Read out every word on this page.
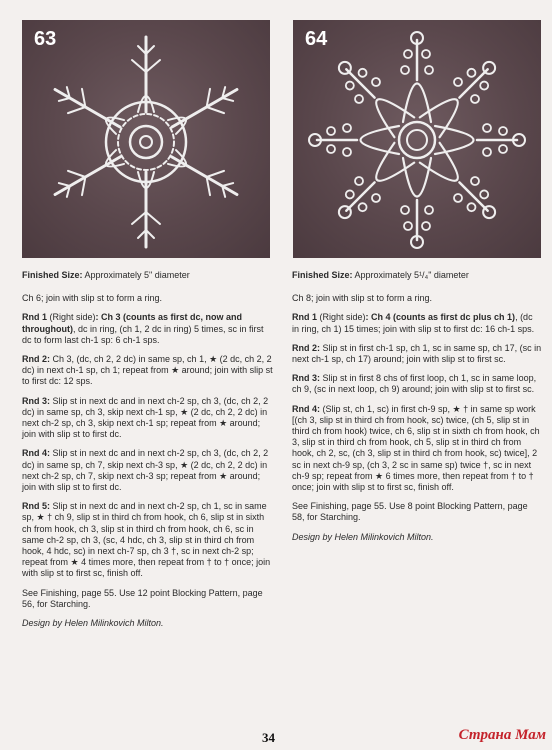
63	64
Finished Size: Approximately 5" diameter

Ch 6; join with slip st to form a ring.

Rnd 1 (Right side): Ch 3 (counts as first dc, now and throughout), dc in ring, (ch 1, 2 dc in ring) 5 times, sc in first dc to form last ch-1 sp: 6 ch-1 sps.

Rnd 2: Ch 3, (dc, ch 2, 2 dc) in same sp, ch 1, ★ (2 dc, ch 2, 2 dc) in next ch-1 sp, ch 1; repeat from ★ around; join with slip st to first dc: 12 sps.

Rnd 3: Slip st in next dc and in next ch-2 sp, ch 3, (dc, ch 2, 2 dc) in same sp, ch 3, skip next ch-1 sp, ★ (2 dc, ch 2, 2 dc) in next ch-2 sp, ch 3, skip next ch-1 sp; repeat from ★ around; join with slip st to first dc.

Rnd 4: Slip st in next dc and in next ch-2 sp, ch 3, (dc, ch 2, 2 dc) in same sp, ch 7, skip next ch-3 sp, ★ (2 dc, ch 2, 2 dc) in next ch-2 sp, ch 7, skip next ch-3 sp; repeat from ★ around; join with slip st to first dc.

Rnd 5: Slip st in next dc and in next ch-2 sp, ch 1, sc in same sp, ★ † ch 9, slip st in third ch from hook, ch 6, slip st in sixth ch from hook, ch 3, slip st in third ch from hook, ch 6, sc in same ch-2 sp, ch 3, (sc, 4 hdc, ch 3, slip st in third ch from hook, 4 hdc, sc) in next ch-7 sp, ch 3 †, sc in next ch-2 sp; repeat from ★ 4 times more, then repeat from † to † once; join with slip st to first sc, finish off.

See Finishing, page 55. Use 12 point Blocking Pattern, page 56, for Starching.

Design by Helen Milinkovich Milton.

Finished Size: Approximately 5¹/₄" diameter

Ch 8; join with slip st to form a ring.

Rnd 1 (Right side): Ch 4 (counts as first dc plus ch 1), (dc in ring, ch 1) 15 times; join with slip st to first dc: 16 ch-1 sps.

Rnd 2: Slip st in first ch-1 sp, ch 1, sc in same sp, ch 17, (sc in next ch-1 sp, ch 17) around; join with slip st to first sc.

Rnd 3: Slip st in first 8 chs of first loop, ch 1, sc in same loop, ch 9, (sc in next loop, ch 9) around; join with slip st to first sc.

Rnd 4: (Slip st, ch 1, sc) in first ch-9 sp, ★ † in same sp work [(ch 3, slip st in third ch from hook, sc) twice, (ch 5, slip st in third ch from hook) twice, ch 6, slip st in sixth ch from hook, ch 3, slip st in third ch from hook, ch 5, slip st in third ch from hook, ch 2, sc, (ch 3, slip st in third ch from hook, sc) twice], 2 sc in next ch-9 sp, (ch 3, 2 sc in same sp) twice †, sc in next ch-9 sp; repeat from ★ 6 times more, then repeat from † to † once; join with slip st to first sc, finish off.

See Finishing, page 55. Use 8 point Blocking Pattern, page 58, for Starching.

Design by Helen Milinkovich Milton.

34	Страна Мам
